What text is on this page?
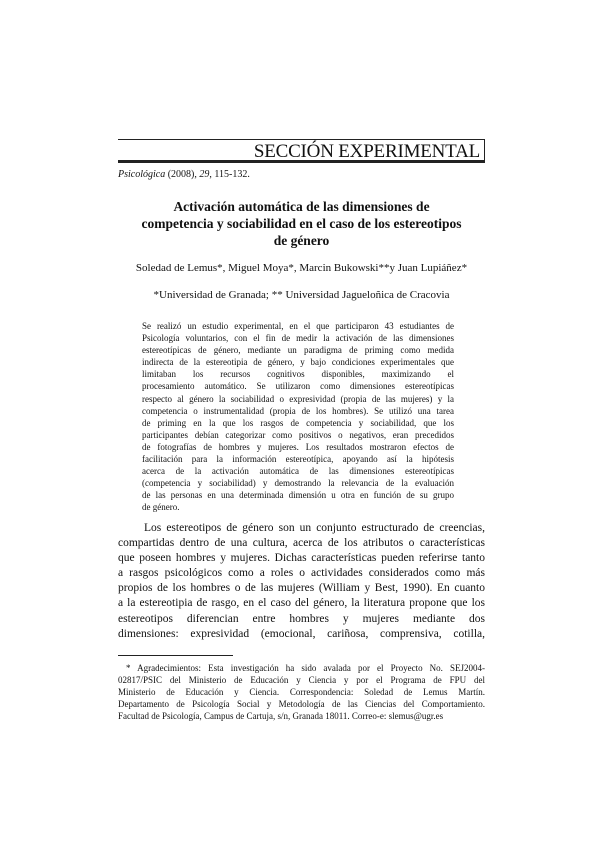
SECCIÓN EXPERIMENTAL
Psicológica (2008), 29, 115-132.
Activación automática de las dimensiones de
competencia y sociabilidad en el caso de los estereotipos
de género
Soledad de Lemus*, Miguel Moya*, Marcin Bukowski**y Juan Lupiáñez*
*Universidad de Granada; ** Universidad Jagueloñica de Cracovia
Se realizó un estudio experimental, en el que participaron 43 estudiantes de
Psicología voluntarios, con el fin de medir la activación de las dimensiones
estereotípicas de género, mediante un paradigma de priming como medida
indirecta de la estereotipia de género, y bajo condiciones experimentales que
limitaban los recursos cognitivos disponibles, maximizando el
procesamiento automático. Se utilizaron como dimensiones estereotípicas
respecto al género la sociabilidad o expresividad (propia de las mujeres) y la
competencia o instrumentalidad (propia de los hombres). Se utilizó una tarea
de priming en la que los rasgos de competencia y sociabilidad, que los
participantes debían categorizar como positivos o negativos, eran precedidos
de fotografías de hombres y mujeres. Los resultados mostraron efectos de
facilitación para la información estereotípica, apoyando así la hipótesis
acerca de la activación automática de las dimensiones estereotípicas
(competencia y sociabilidad) y demostrando la relevancia de la evaluación
de las personas en una determinada dimensión u otra en función de su grupo
de género.
Los estereotipos de género son un conjunto estructurado de creencias,
compartidas dentro de una cultura, acerca de los atributos o características
que poseen hombres y mujeres. Dichas características pueden referirse tanto
a rasgos psicológicos como a roles o actividades considerados como más
propios de los hombres o de las mujeres (William y Best, 1990). En cuanto
a la estereotipia de rasgo, en el caso del género, la literatura propone que los
estereotipos diferencian entre hombres y mujeres mediante dos
dimensiones: expresividad (emocional, cariñosa, comprensiva, cotilla,
* Agradecimientos: Esta investigación ha sido avalada por el Proyecto No. SEJ2004-
02817/PSIC del Ministerio de Educación y Ciencia y por el Programa de FPU del
Ministerio de Educación y Ciencia. Correspondencia: Soledad de Lemus Martín.
Departamento de Psicología Social y Metodología de las Ciencias del Comportamiento.
Facultad de Psicología, Campus de Cartuja, s/n, Granada 18011. Correo-e: slemus@ugr.es
